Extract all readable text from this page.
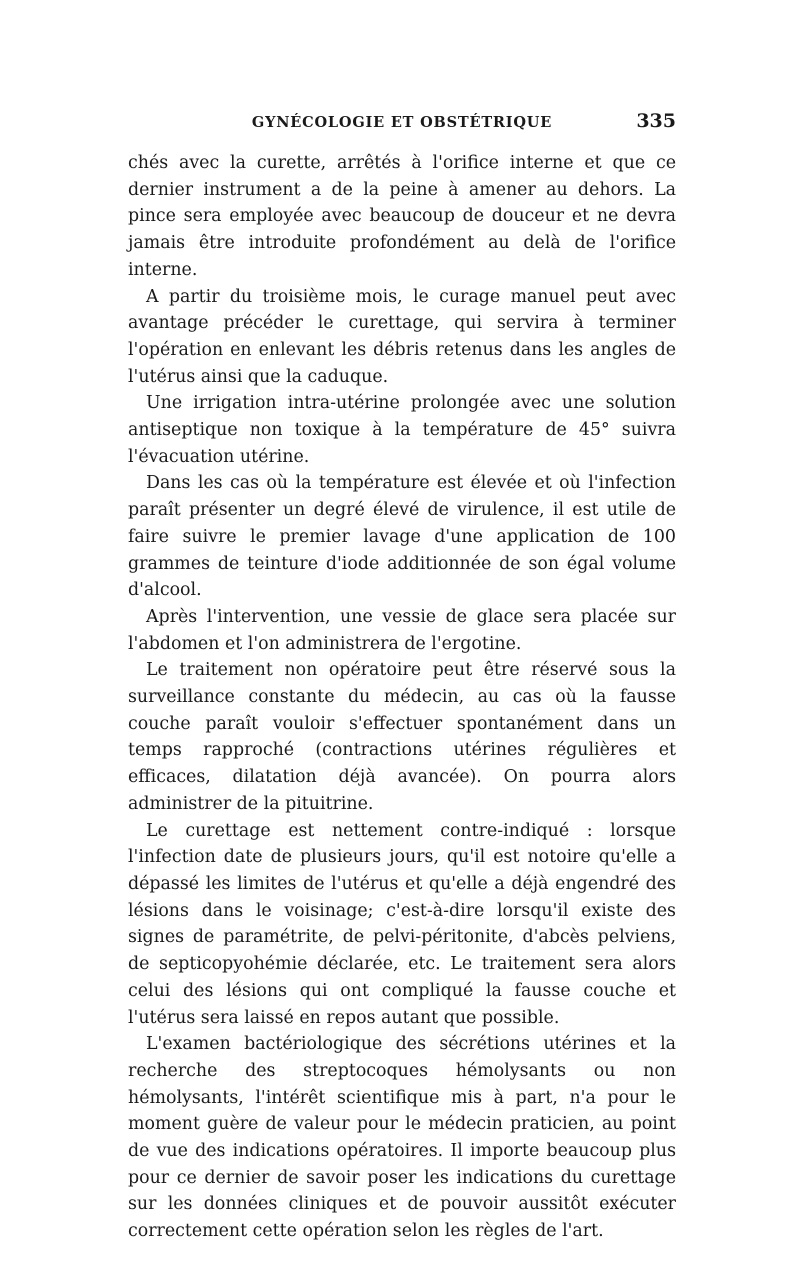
GYNÉCOLOGIE ET OBSTÉTRIQUE	335

chés avec la curette, arrêtés à l'orifice interne et que ce dernier instrument a de la peine à amener au dehors. La pince sera employée avec beaucoup de douceur et ne devra jamais être introduite profondément au delà de l'orifice interne.

A partir du troisième mois, le curage manuel peut avec avantage précéder le curettage, qui servira à terminer l'opération en enlevant les débris retenus dans les angles de l'utérus ainsi que la caduque.

Une irrigation intra-utérine prolongée avec une solution antiseptique non toxique à la température de 45° suivra l'évacuation utérine.

Dans les cas où la température est élevée et où l'infection paraît présenter un degré élevé de virulence, il est utile de faire suivre le premier lavage d'une application de 100 grammes de teinture d'iode additionnée de son égal volume d'alcool.

Après l'intervention, une vessie de glace sera placée sur l'abdomen et l'on administrera de l'ergotine.

Le traitement non opératoire peut être réservé sous la surveillance constante du médecin, au cas où la fausse couche paraît vouloir s'effectuer spontanément dans un temps rapproché (contractions utérines régulières et efficaces, dilatation déjà avancée). On pourra alors administrer de la pituitrine.

Le curettage est nettement contre-indiqué : lorsque l'infection date de plusieurs jours, qu'il est notoire qu'elle a dépassé les limites de l'utérus et qu'elle a déjà engendré des lésions dans le voisinage; c'est-à-dire lorsqu'il existe des signes de paramétrite, de pelvi-péritonite, d'abcès pelviens, de septicopyohémie déclarée, etc. Le traitement sera alors celui des lésions qui ont compliqué la fausse couche et l'utérus sera laissé en repos autant que possible.

L'examen bactériologique des sécrétions utérines et la recherche des streptocoques hémolysants ou non hémolysants, l'intérêt scientifique mis à part, n'a pour le moment guère de valeur pour le médecin praticien, au point de vue des indications opératoires. Il importe beaucoup plus pour ce dernier de savoir poser les indications du curettage sur les données cliniques et de pouvoir aussitôt exécuter correctement cette opération selon les règles de l'art.
